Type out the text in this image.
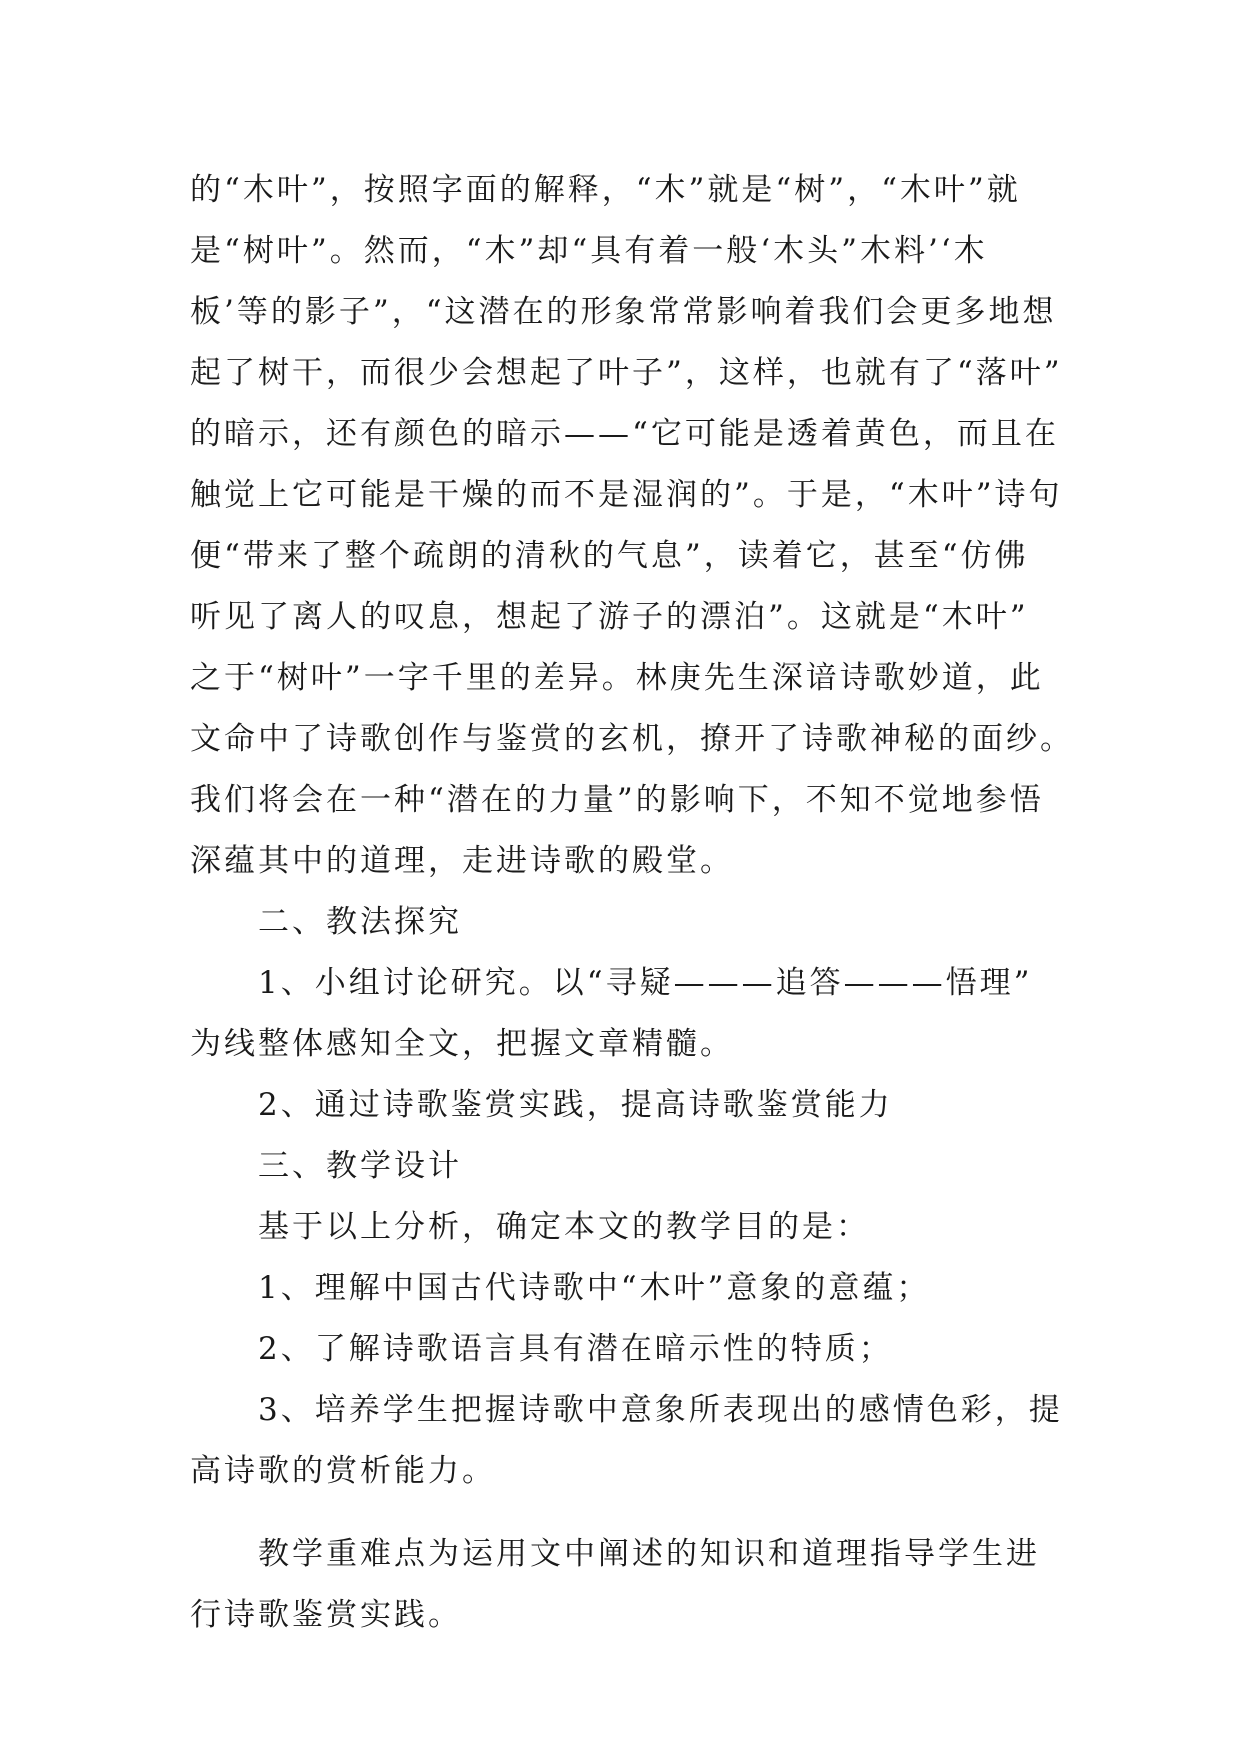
的“木叶”，按照字面的解释，“木”就是“树”，“木叶”就
是“树叶”。然而，“木”却“具有着一般‘木头”木料’‘木
板’等的影子”，“这潜在的形象常常影响着我们会更多地想
起了树干，而很少会想起了叶子”，这样，也就有了“落叶”
的暗示，还有颜色的暗示——“它可能是透着黄色，而且在
触觉上它可能是干燥的而不是湿润的”。于是，“木叶”诗句
便“带来了整个疏朗的清秋的气息”，读着它，甚至“仿佛
听见了离人的叹息，想起了游子的漂泊”。这就是“木叶”
之于“树叶”一字千里的差异。林庚先生深谙诗歌妙道，此
文命中了诗歌创作与鉴赏的玄机，撩开了诗歌神秘的面纱。
我们将会在一种“潜在的力量”的影响下，不知不觉地参悟
深蕴其中的道理，走进诗歌的殿堂。
　　二、教法探究
　　1、小组讨论研究。以“寻疑———追答———悟理”
为线整体感知全文，把握文章精髓。
　　2、通过诗歌鉴赏实践，提高诗歌鉴赏能力
　　三、教学设计
　　基于以上分析，确定本文的教学目的是：
　　1、理解中国古代诗歌中“木叶”意象的意蕴；
　　2、了解诗歌语言具有潜在暗示性的特质；
　　3、培养学生把握诗歌中意象所表现出的感情色彩，提
高诗歌的赏析能力。
　　教学重难点为运用文中阐述的知识和道理指导学生进
行诗歌鉴赏实践。
